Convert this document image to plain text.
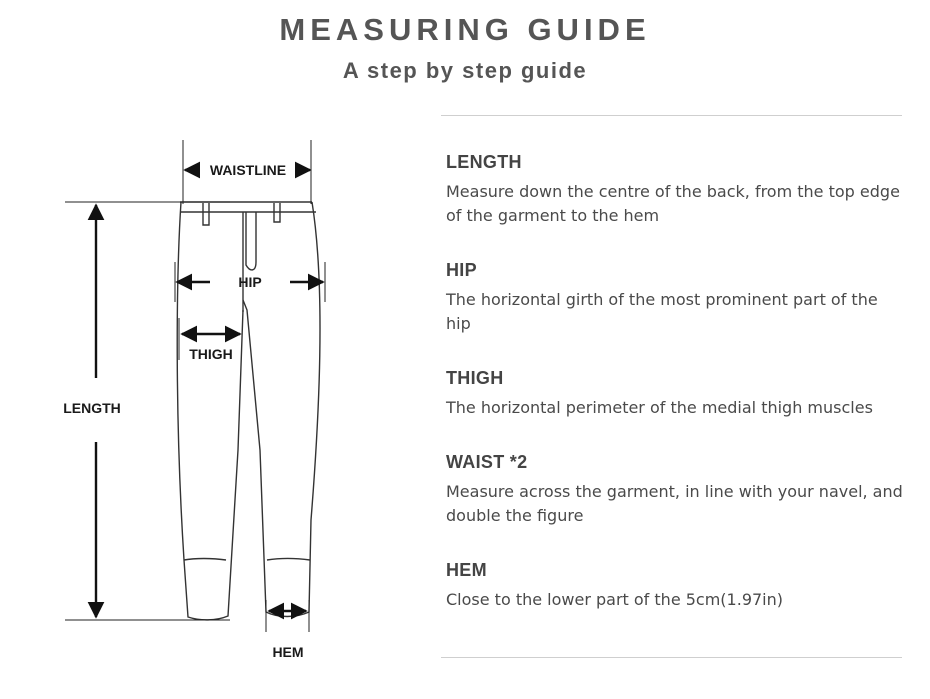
MEASURING GUIDE
A step by step guide
WAISTLINE
HIP
THIGH
LENGTH
HEM
LENGTH

Measure down the centre of the back, from the top edge of the garment to the hem

HIP

The horizontal girth of the most prominent part of the hip

THIGH

The horizontal perimeter of the medial thigh muscles

WAIST *2

Measure across the garment, in line with your navel, and double the figure

HEM

Close to the lower part of the 5cm(1.97in)
